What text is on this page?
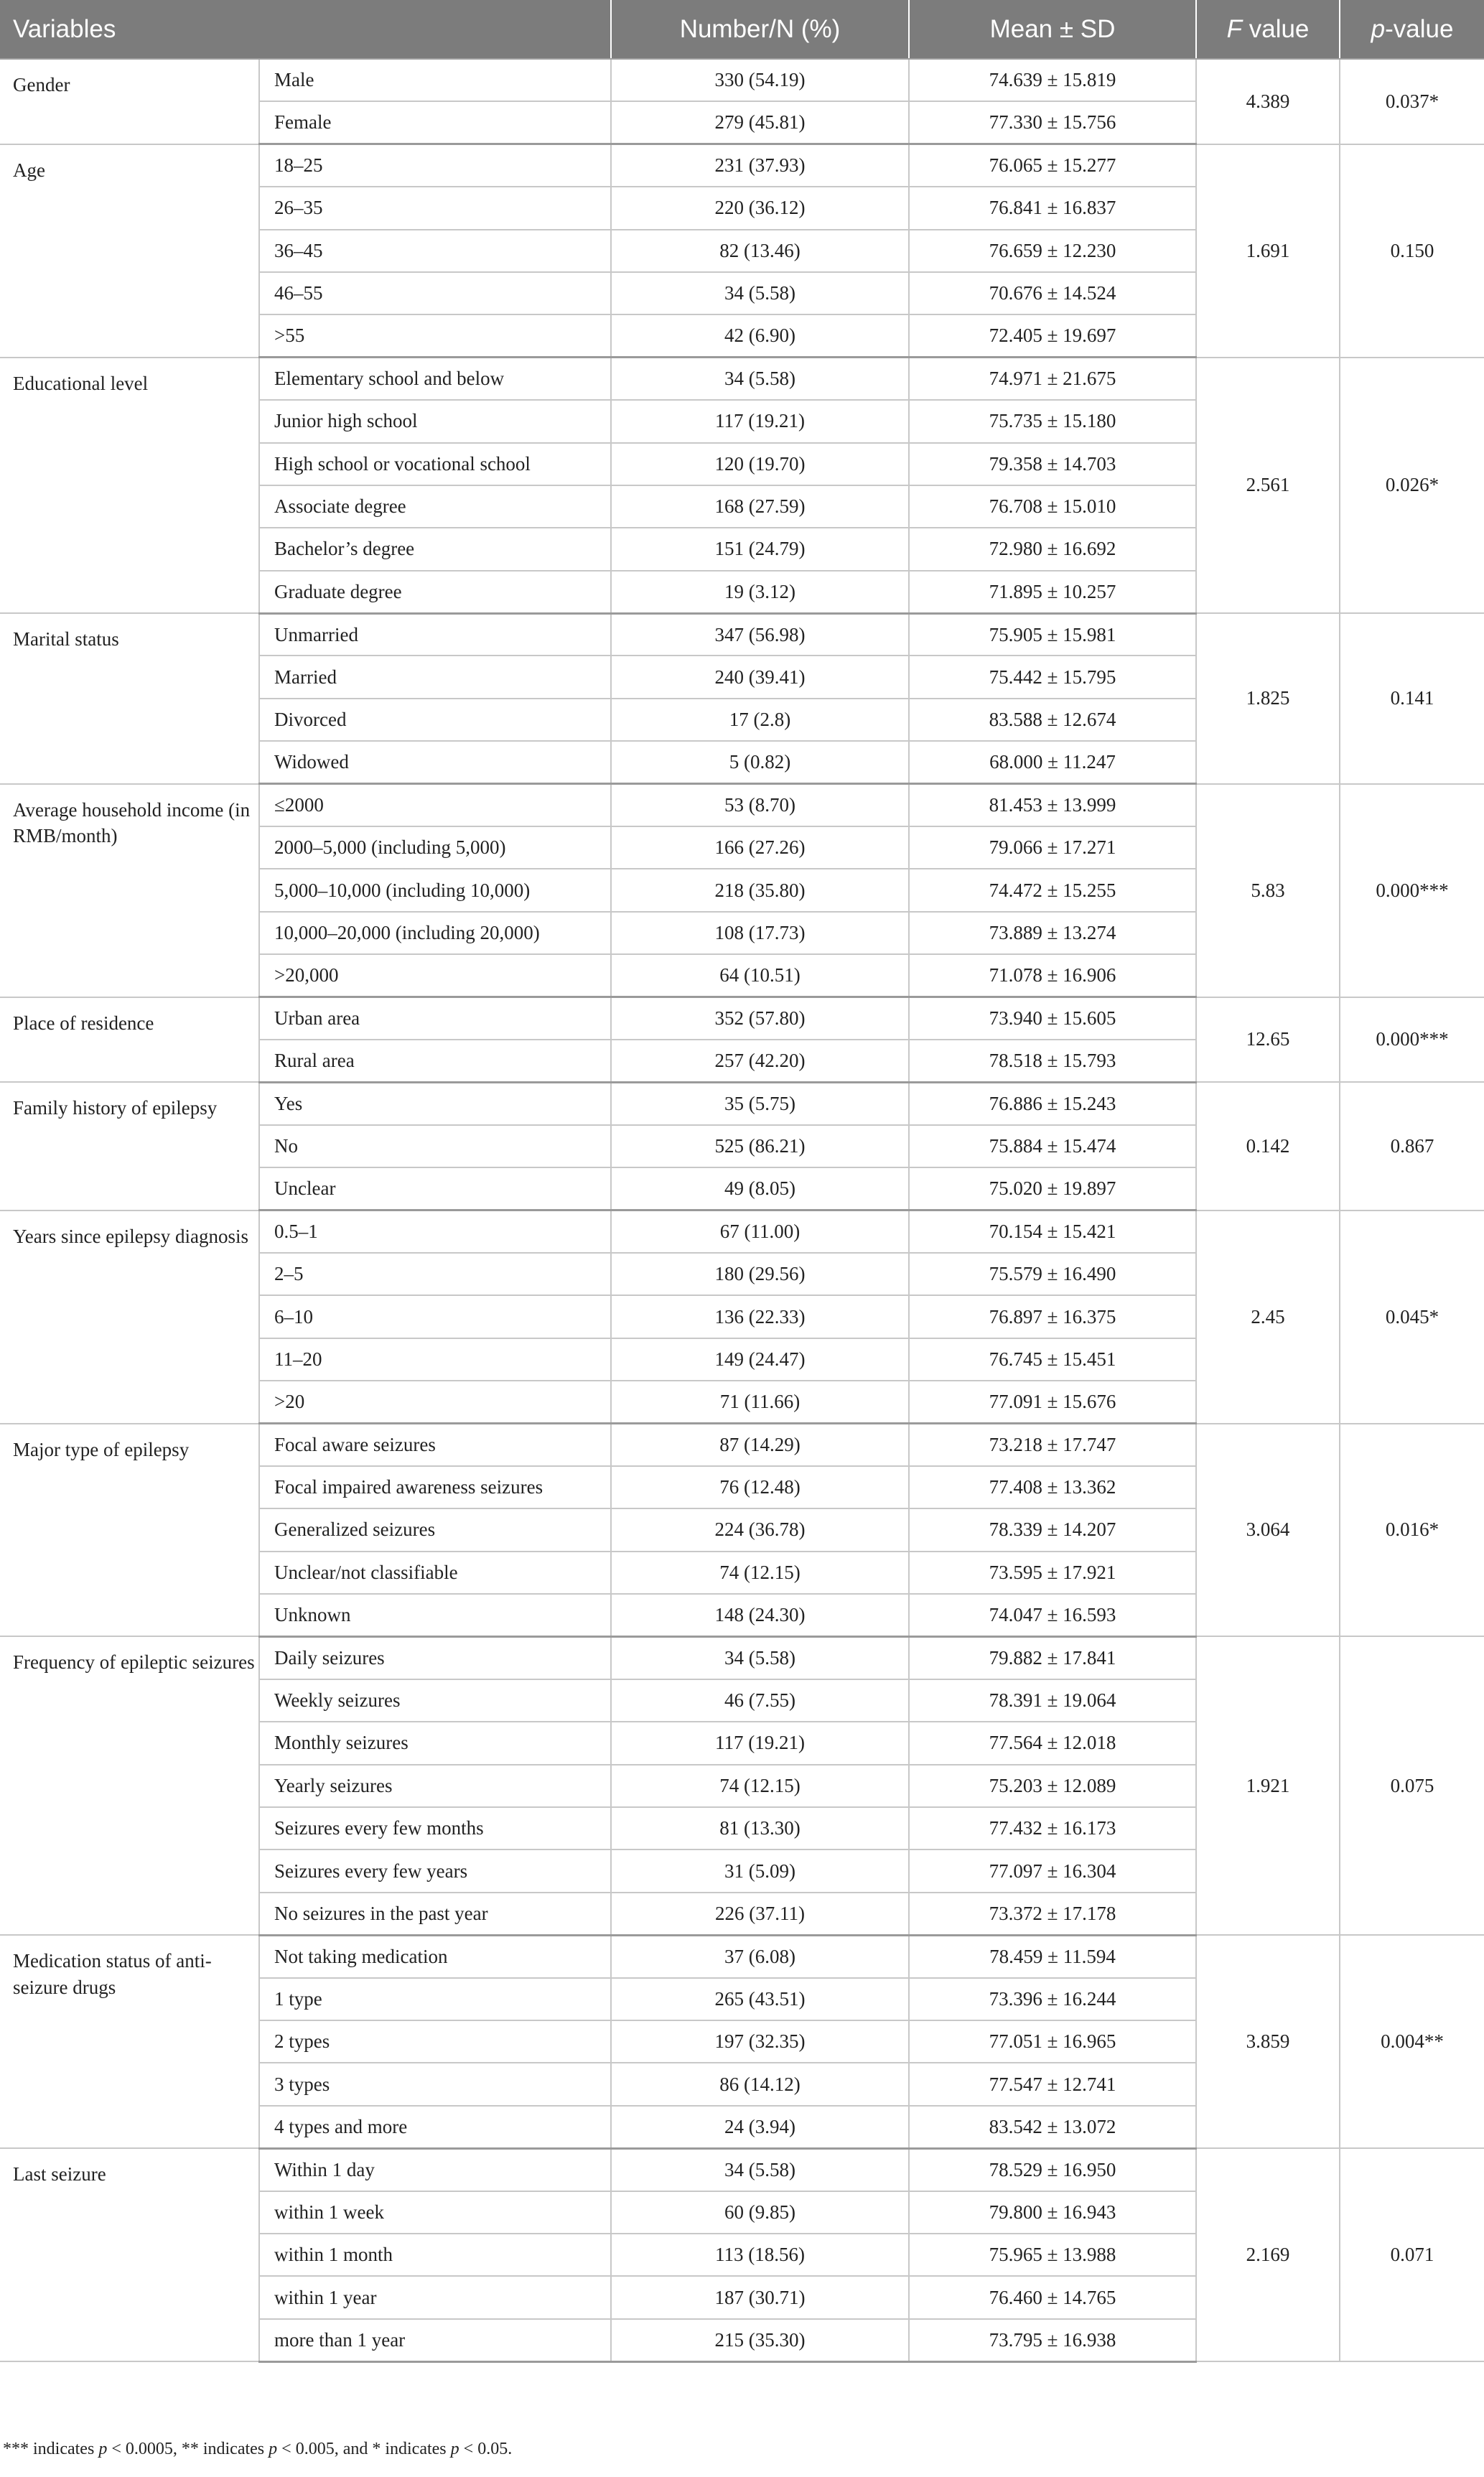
Variables		Number/N (%)	Mean ± SD	F value	p-value
Gender	Male	330 (54.19)	74.639 ± 15.819	4.389	0.037*
	Female	279 (45.81)	77.330 ± 15.756		
Age	18–25	231 (37.93)	76.065 ± 15.277	1.691	0.150
	26–35	220 (36.12)	76.841 ± 16.837		
	36–45	82 (13.46)	76.659 ± 12.230		
	46–55	34 (5.58)	70.676 ± 14.524		
	>55	42 (6.90)	72.405 ± 19.697		
Educational level	Elementary school and below	34 (5.58)	74.971 ± 21.675	2.561	0.026*
	Junior high school	117 (19.21)	75.735 ± 15.180		
	High school or vocational school	120 (19.70)	79.358 ± 14.703		
	Associate degree	168 (27.59)	76.708 ± 15.010		
	Bachelor’s degree	151 (24.79)	72.980 ± 16.692		
	Graduate degree	19 (3.12)	71.895 ± 10.257		
Marital status	Unmarried	347 (56.98)	75.905 ± 15.981	1.825	0.141
	Married	240 (39.41)	75.442 ± 15.795		
	Divorced	17 (2.8)	83.588 ± 12.674		
	Widowed	5 (0.82)	68.000 ± 11.247		
Average household income (in RMB/month)	≤2000	53 (8.70)	81.453 ± 13.999	5.83	0.000***
	2000–5,000 (including 5,000)	166 (27.26)	79.066 ± 17.271		
	5,000–10,000 (including 10,000)	218 (35.80)	74.472 ± 15.255		
	10,000–20,000 (including 20,000)	108 (17.73)	73.889 ± 13.274		
	>20,000	64 (10.51)	71.078 ± 16.906		
Place of residence	Urban area	352 (57.80)	73.940 ± 15.605	12.65	0.000***
	Rural area	257 (42.20)	78.518 ± 15.793		
Family history of epilepsy	Yes	35 (5.75)	76.886 ± 15.243	0.142	0.867
	No	525 (86.21)	75.884 ± 15.474		
	Unclear	49 (8.05)	75.020 ± 19.897		
Years since epilepsy diagnosis	0.5–1	67 (11.00)	70.154 ± 15.421	2.45	0.045*
	2–5	180 (29.56)	75.579 ± 16.490		
	6–10	136 (22.33)	76.897 ± 16.375		
	11–20	149 (24.47)	76.745 ± 15.451		
	>20	71 (11.66)	77.091 ± 15.676		
Major type of epilepsy	Focal aware seizures	87 (14.29)	73.218 ± 17.747	3.064	0.016*
	Focal impaired awareness seizures	76 (12.48)	77.408 ± 13.362		
	Generalized seizures	224 (36.78)	78.339 ± 14.207		
	Unclear/not classifiable	74 (12.15)	73.595 ± 17.921		
	Unknown	148 (24.30)	74.047 ± 16.593		
Frequency of epileptic seizures	Daily seizures	34 (5.58)	79.882 ± 17.841	1.921	0.075
	Weekly seizures	46 (7.55)	78.391 ± 19.064		
	Monthly seizures	117 (19.21)	77.564 ± 12.018		
	Yearly seizures	74 (12.15)	75.203 ± 12.089		
	Seizures every few months	81 (13.30)	77.432 ± 16.173		
	Seizures every few years	31 (5.09)	77.097 ± 16.304		
	No seizures in the past year	226 (37.11)	73.372 ± 17.178		
Medication status of anti-seizure drugs	Not taking medication	37 (6.08)	78.459 ± 11.594	3.859	0.004**
	1 type	265 (43.51)	73.396 ± 16.244		
	2 types	197 (32.35)	77.051 ± 16.965		
	3 types	86 (14.12)	77.547 ± 12.741		
	4 types and more	24 (3.94)	83.542 ± 13.072		
Last seizure	Within 1 day	34 (5.58)	78.529 ± 16.950	2.169	0.071
	within 1 week	60 (9.85)	79.800 ± 16.943		
	within 1 month	113 (18.56)	75.965 ± 13.988		
	within 1 year	187 (30.71)	76.460 ± 14.765		
	more than 1 year	215 (35.30)	73.795 ± 16.938		
*** indicates p < 0.0005, ** indicates p < 0.005, and * indicates p < 0.05.
